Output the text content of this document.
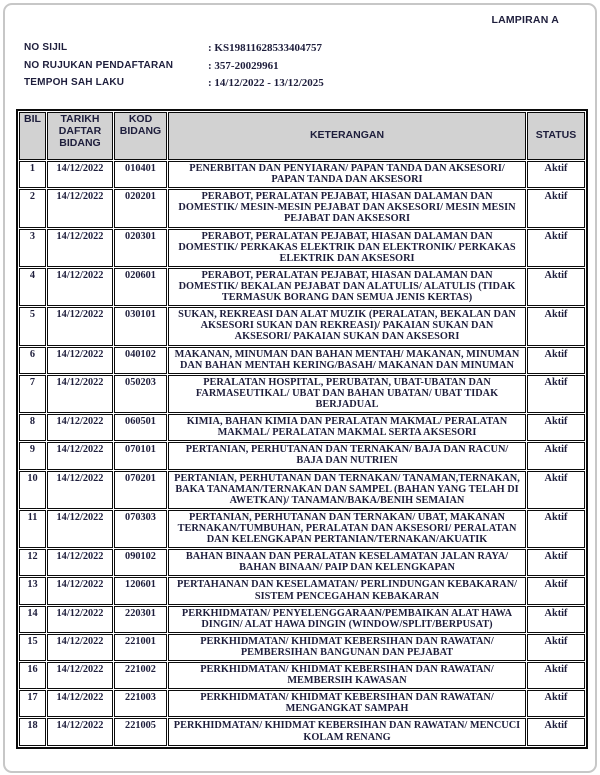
LAMPIRAN A
NO SIJIL	: KS19811628533404757
NO RUJUKAN PENDAFTARAN	: 357-20029961
TEMPOH SAH LAKU	: 14/12/2022 - 13/12/2025
BIL	TARIKH DAFTAR BIDANG	KOD BIDANG	KETERANGAN	STATUS
1	14/12/2022	010401	PENERBITAN DAN PENYIARAN/ PAPAN TANDA DAN AKSESORI/ PAPAN TANDA DAN AKSESORI	Aktif
2	14/12/2022	020201	PERABOT, PERALATAN PEJABAT, HIASAN DALAMAN DAN DOMESTIK/ MESIN-MESIN PEJABAT DAN AKSESORI/ MESIN MESIN PEJABAT DAN AKSESORI	Aktif
3	14/12/2022	020301	PERABOT, PERALATAN PEJABAT, HIASAN DALAMAN DAN DOMESTIK/ PERKAKAS ELEKTRIK DAN ELEKTRONIK/ PERKAKAS ELEKTRIK DAN AKSESORI	Aktif
4	14/12/2022	020601	PERABOT, PERALATAN PEJABAT, HIASAN DALAMAN DAN DOMESTIK/ BEKALAN PEJABAT DAN ALATULIS/ ALATULIS (TIDAK TERMASUK BORANG DAN SEMUA JENIS KERTAS)	Aktif
5	14/12/2022	030101	SUKAN, REKREASI DAN ALAT MUZIK (PERALATAN, BEKALAN DAN AKSESORI SUKAN DAN REKREASI)/ PAKAIAN SUKAN DAN AKSESORI/ PAKAIAN SUKAN DAN AKSESORI	Aktif
6	14/12/2022	040102	MAKANAN, MINUMAN DAN BAHAN MENTAH/ MAKANAN, MINUMAN DAN BAHAN MENTAH KERING/BASAH/ MAKANAN DAN MINUMAN	Aktif
7	14/12/2022	050203	PERALATAN HOSPITAL, PERUBATAN, UBAT-UBATAN DAN FARMASEUTIKAL/ UBAT DAN BAHAN UBATAN/ UBAT TIDAK BERJADUAL	Aktif
8	14/12/2022	060501	KIMIA, BAHAN KIMIA DAN PERALATAN MAKMAL/ PERALATAN MAKMAL/ PERALATAN MAKMAL SERTA AKSESORI	Aktif
9	14/12/2022	070101	PERTANIAN, PERHUTANAN DAN TERNAKAN/ BAJA DAN RACUN/ BAJA DAN NUTRIEN	Aktif
10	14/12/2022	070201	PERTANIAN, PERHUTANAN DAN TERNAKAN/ TANAMAN,TERNAKAN, BAKA TANAMAN/TERNAKAN DAN SAMPEL (BAHAN YANG TELAH DI AWETKAN)/ TANAMAN/BAKA/BENIH SEMAIAN	Aktif
11	14/12/2022	070303	PERTANIAN, PERHUTANAN DAN TERNAKAN/ UBAT, MAKANAN TERNAKAN/TUMBUHAN, PERALATAN DAN AKSESORI/ PERALATAN DAN KELENGKAPAN PERTANIAN/TERNAKAN/AKUATIK	Aktif
12	14/12/2022	090102	BAHAN BINAAN DAN PERALATAN KESELAMATAN JALAN RAYA/ BAHAN BINAAN/ PAIP DAN KELENGKAPAN	Aktif
13	14/12/2022	120601	PERTAHANAN DAN KESELAMATAN/ PERLINDUNGAN KEBAKARAN/ SISTEM PENCEGAHAN KEBAKARAN	Aktif
14	14/12/2022	220301	PERKHIDMATAN/ PENYELENGGARAAN/PEMBAIKAN ALAT HAWA DINGIN/ ALAT HAWA DINGIN (WINDOW/SPLIT/BERPUSAT)	Aktif
15	14/12/2022	221001	PERKHIDMATAN/ KHIDMAT KEBERSIHAN DAN RAWATAN/ PEMBERSIHAN BANGUNAN DAN PEJABAT	Aktif
16	14/12/2022	221002	PERKHIDMATAN/ KHIDMAT KEBERSIHAN DAN RAWATAN/ MEMBERSIH KAWASAN	Aktif
17	14/12/2022	221003	PERKHIDMATAN/ KHIDMAT KEBERSIHAN DAN RAWATAN/ MENGANGKAT SAMPAH	Aktif
18	14/12/2022	221005	PERKHIDMATAN/ KHIDMAT KEBERSIHAN DAN RAWATAN/ MENCUCI KOLAM RENANG	Aktif
